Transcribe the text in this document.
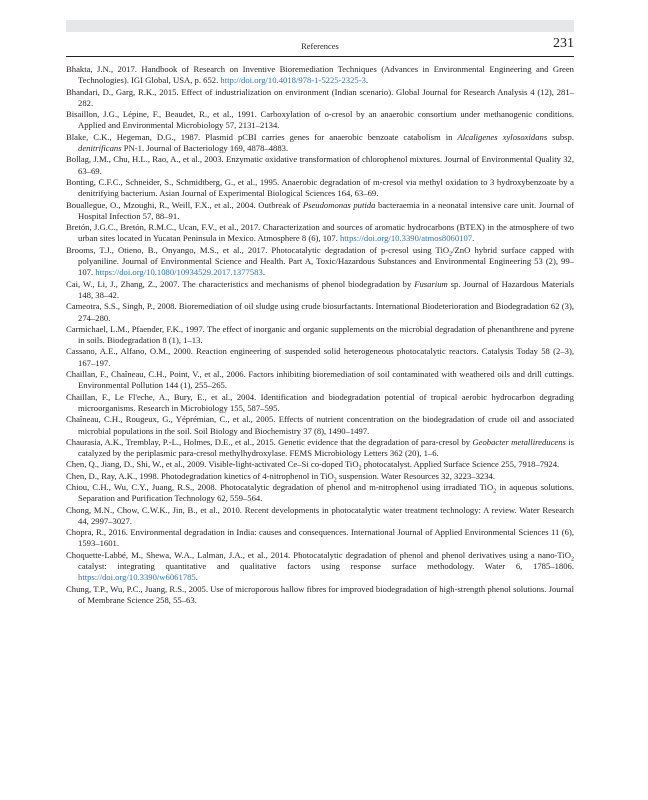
References	231
Bhakta, J.N., 2017. Handbook of Research on Inventive Bioremediation Techniques (Advances in Environmental Engineering and Green Technologies). IGI Global, USA, p. 652. http://doi.org/10.4018/978-1-5225-2325-3.
Bhandari, D., Garg, R.K., 2015. Effect of industrialization on environment (Indian scenario). Global Journal for Research Analysis 4 (12), 281–282.
Bisaillon, J.G., Lépine, F., Beaudet, R., et al., 1991. Carboxylation of o-cresol by an anaerobic consortium under methanogenic conditions. Applied and Environmental Microbiology 57, 2131–2134.
Blake, C.K., Hegeman, D.G., 1987. Plasmid pCBI carries genes for anaerobic benzoate catabolism in Alcaligenes xylosoxidans subsp. denitrificans PN-1. Journal of Bacteriology 169, 4878–4883.
Bollag, J.M., Chu, H.L., Rao, A., et al., 2003. Enzymatic oxidative transformation of chlorophenol mixtures. Journal of Environmental Quality 32, 63–69.
Bonting, C.F.C., Schneider, S., Schmidtberg, G., et al., 1995. Anaerobic degradation of m-cresol via methyl oxidation to 3 hydroxybenzoate by a denitrifying bacterium. Asian Journal of Experimental Biological Sciences 164, 63–69.
Bouallegue, O., Mzoughi, R., Weill, F.X., et al., 2004. Outbreak of Pseudomonas putida bacteraemia in a neonatal intensive care unit. Journal of Hospital Infection 57, 88–91.
Bretón, J.G.C., Bretón, R.M.C., Ucan, F.V., et al., 2017. Characterization and sources of aromatic hydrocarbons (BTEX) in the atmosphere of two urban sites located in Yucatan Peninsula in Mexico. Atmosphere 8 (6), 107. https://doi.org/10.3390/atmos8060107.
Brooms, T.J., Otieno, B., Onyango, M.S., et al., 2017. Photocatalytic degradation of p-cresol using TiO$_2$/ZnO hybrid surface capped with polyaniline. Journal of Environmental Science and Health. Part A, Toxic/Hazardous Substances and Environmental Engineering 53 (2), 99–107. https://doi.org/10.1080/10934529.2017.1377583.
Cai, W., Li, J., Zhang, Z., 2007. The characteristics and mechanisms of phenol biodegradation by Fusarium sp. Journal of Hazardous Materials 148, 38–42.
Cameotra, S.S., Singh, P., 2008. Bioremediation of oil sludge using crude biosurfactants. International Biodeterioration and Biodegradation 62 (3), 274–280.
Carmichael, L.M., Pfaender, F.K., 1997. The effect of inorganic and organic supplements on the microbial degradation of phenanthrene and pyrene in soils. Biodegradation 8 (1), 1–13.
Cassano, A.E., Alfano, O.M., 2000. Reaction engineering of suspended solid heterogeneous photocatalytic reactors. Catalysis Today 58 (2–3), 167–197.
Chaillan, F., Chaîneau, C.H., Point, V., et al., 2006. Factors inhibiting bioremediation of soil contaminated with weathered oils and drill cuttings. Environmental Pollution 144 (1), 255–265.
Chaillan, F., Le Fl'eche, A., Bury, E., et al., 2004. Identification and biodegradation potential of tropical aerobic hydrocarbon degrading microorganisms. Research in Microbiology 155, 587–595.
Chaîneau, C.H., Rougeux, G., Yéprémian, C., et al., 2005. Effects of nutrient concentration on the biodegradation of crude oil and associated microbial populations in the soil. Soil Biology and Biochemistry 37 (8), 1490–1497.
Chaurasia, A.K., Tremblay, P.-L., Holmes, D.E., et al., 2015. Genetic evidence that the degradation of para-cresol by Geobacter metallireducens is catalyzed by the periplasmic para-cresol methylhydroxylase. FEMS Microbiology Letters 362 (20), 1–6.
Chen, Q., Jiang, D., Shi, W., et al., 2009. Visible-light-activated Ce–Si co-doped TiO$_2$ photocatalyst. Applied Surface Science 255, 7918–7924.
Chen, D., Ray, A.K., 1998. Photodegradation kinetics of 4-nitrophenol in TiO$_2$ suspension. Water Resources 32, 3223–3234.
Chiou, C.H., Wu, C.Y., Juang, R.S., 2008. Photocatalytic degradation of phenol and m-nitrophenol using irradiated TiO$_2$ in aqueous solutions. Separation and Purification Technology 62, 559–564.
Chong, M.N., Chow, C.W.K., Jin, B., et al., 2010. Recent developments in photocatalytic water treatment technology: A review. Water Research 44, 2997–3027.
Chopra, R., 2016. Environmental degradation in India: causes and consequences. International Journal of Applied Environmental Sciences 11 (6), 1593–1601.
Choquette-Labbé, M., Shewa, W.A., Lalman, J.A., et al., 2014. Photocatalytic degradation of phenol and phenol derivatives using a nano-TiO$_2$ catalyst: integrating quantitative and qualitative factors using response surface methodology. Water 6, 1785–1806. https://doi.org/10.3390/w6061785.
Chung, T.P., Wu, P.C., Juang, R.S., 2005. Use of microporous hallow fibres for improved biodegradation of high-strength phenol solutions. Journal of Membrane Science 258, 55–63.
